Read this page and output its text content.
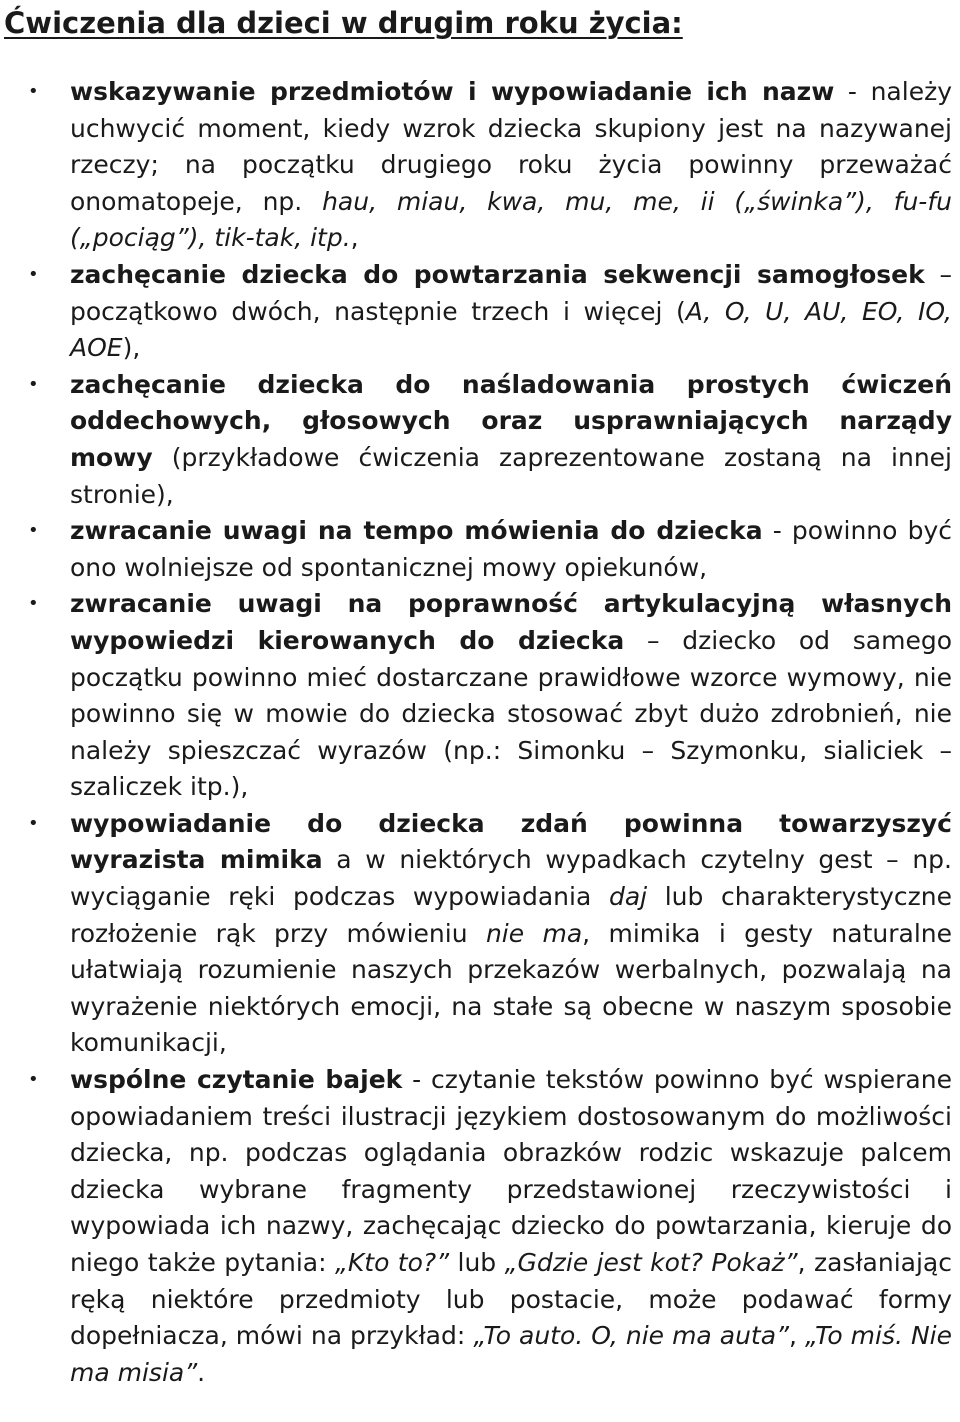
Ćwiczenia dla dzieci w drugim roku życia:
• wskazywanie przedmiotów i wypowiadanie ich nazw - należy uchwycić moment, kiedy wzrok dziecka skupiony jest na nazywanej rzeczy; na początku drugiego roku życia powinny przeważać onomatopeje, np. hau, miau, kwa, mu, me, ii („świnka”), fu-fu („pociąg”), tik-tak, itp.,
• zachęcanie dziecka do powtarzania sekwencji samogłosek – początkowo dwóch, następnie trzech i więcej (A, O, U, AU, EO, IO, AOE),
• zachęcanie dziecka do naśladowania prostych ćwiczeń oddechowych, głosowych oraz usprawniających narządy mowy (przykładowe ćwiczenia zaprezentowane zostaną na innej stronie),
• zwracanie uwagi na tempo mówienia do dziecka - powinno być ono wolniejsze od spontanicznej mowy opiekunów,
• zwracanie uwagi na poprawność artykulacyjną własnych wypowiedzi kierowanych do dziecka – dziecko od samego początku powinno mieć dostarczane prawidłowe wzorce wymowy, nie powinno się w mowie do dziecka stosować zbyt dużo zdrobnień, nie należy spieszczać wyrazów (np.: Simonku – Szymonku, sialiciek – szaliczek itp.),
• wypowiadanie do dziecka zdań powinna towarzyszyć wyrazista mimika a w niektórych wypadkach czytelny gest – np. wyciąganie ręki podczas wypowiadania daj lub charakterystyczne rozłożenie rąk przy mówieniu nie ma, mimika i gesty naturalne ułatwiają rozumienie naszych przekazów werbalnych, pozwalają na wyrażenie niektórych emocji, na stałe są obecne w naszym sposobie komunikacji,
• wspólne czytanie bajek - czytanie tekstów powinno być wspierane opowiadaniem treści ilustracji językiem dostosowanym do możliwości dziecka, np. podczas oglądania obrazków rodzic wskazuje palcem dziecka wybrane fragmenty przedstawionej rzeczywistości i wypowiada ich nazwy, zachęcając dziecko do powtarzania, kieruje do niego także pytania: „Kto to?” lub „Gdzie jest kot? Pokaż”, zasłaniając ręką niektóre przedmioty lub postacie, może podawać formy dopełniacza, mówi na przykład: „To auto. O, nie ma auta”, „To miś. Nie ma misia”.
